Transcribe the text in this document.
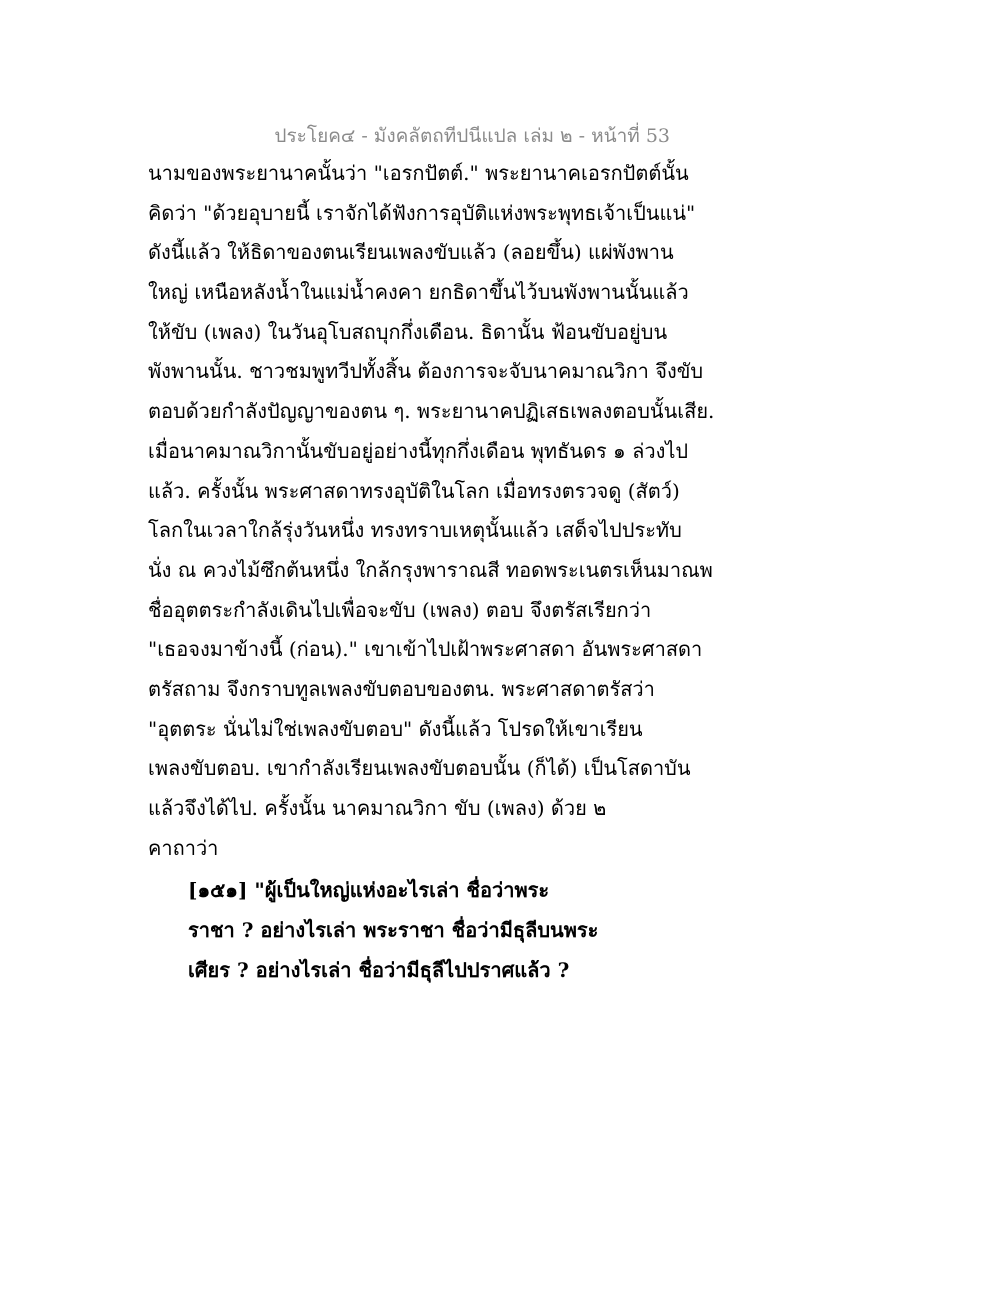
ประโยค๔ - มังคลัตถทีปนีแปล เล่ม ๒ - หน้าที่ 53
นามของพระยานาคนั้นว่า "เอรกปัตต์." พระยานาคเอรกปัตต์นั้น
คิดว่า "ด้วยอุบายนี้ เราจักได้ฟังการอุบัติแห่งพระพุทธเจ้าเป็นแน่"
ดังนี้แล้ว ให้ธิดาของตนเรียนเพลงขับแล้ว (ลอยขึ้น) แผ่พังพาน
ใหญ่ เหนือหลังน้ำในแม่น้ำคงคา ยกธิดาขึ้นไว้บนพังพานนั้นแล้ว
ให้ขับ (เพลง) ในวันอุโบสถบุกกึ่งเดือน. ธิดานั้น ฟ้อนขับอยู่บน
พังพานนั้น. ชาวชมพูทวีปทั้งสิ้น ต้องการจะจับนาคมาณวิกา จึงขับ
ตอบด้วยกำลังปัญญาของตน ๆ. พระยานาคปฏิเสธเพลงตอบนั้นเสีย.
เมื่อนาคมาณวิกานั้นขับอยู่อย่างนี้ทุกกึ่งเดือน พุทธันดร ๑ ล่วงไป
แล้ว. ครั้งนั้น พระศาสดาทรงอุบัติในโลก เมื่อทรงตรวจดู (สัตว์)
โลกในเวลาใกล้รุ่งวันหนึ่ง ทรงทราบเหตุนั้นแล้ว เสด็จไปประทับ
นั่ง ณ ควงไม้ซึกต้นหนึ่ง ใกล้กรุงพาราณสี ทอดพระเนตรเห็นมาณพ
ชื่ออุตตระกำลังเดินไปเพื่อจะขับ (เพลง) ตอบ จึงตรัสเรียกว่า
"เธอจงมาข้างนี้ (ก่อน)." เขาเข้าไปเฝ้าพระศาสดา อันพระศาสดา
ตรัสถาม จึงกราบทูลเพลงขับตอบของตน. พระศาสดาตรัสว่า
"อุตตระ นั่นไม่ใช่เพลงขับตอบ" ดังนี้แล้ว โปรดให้เขาเรียน
เพลงขับตอบ. เขากำลังเรียนเพลงขับตอบนั้น (ก็ได้) เป็นโสดาบัน
แล้วจึงได้ไป. ครั้งนั้น นาคมาณวิกา ขับ (เพลง) ด้วย ๒
คาถาว่า
[๑๕๑] "ผู้เป็นใหญ่แห่งอะไรเล่า ชื่อว่าพระ
ราชา ? อย่างไรเล่า พระราชา ชื่อว่ามีธุลีบนพระ
เศียร ? อย่างไรเล่า ชื่อว่ามีธุลีไปปราศแล้ว ?
